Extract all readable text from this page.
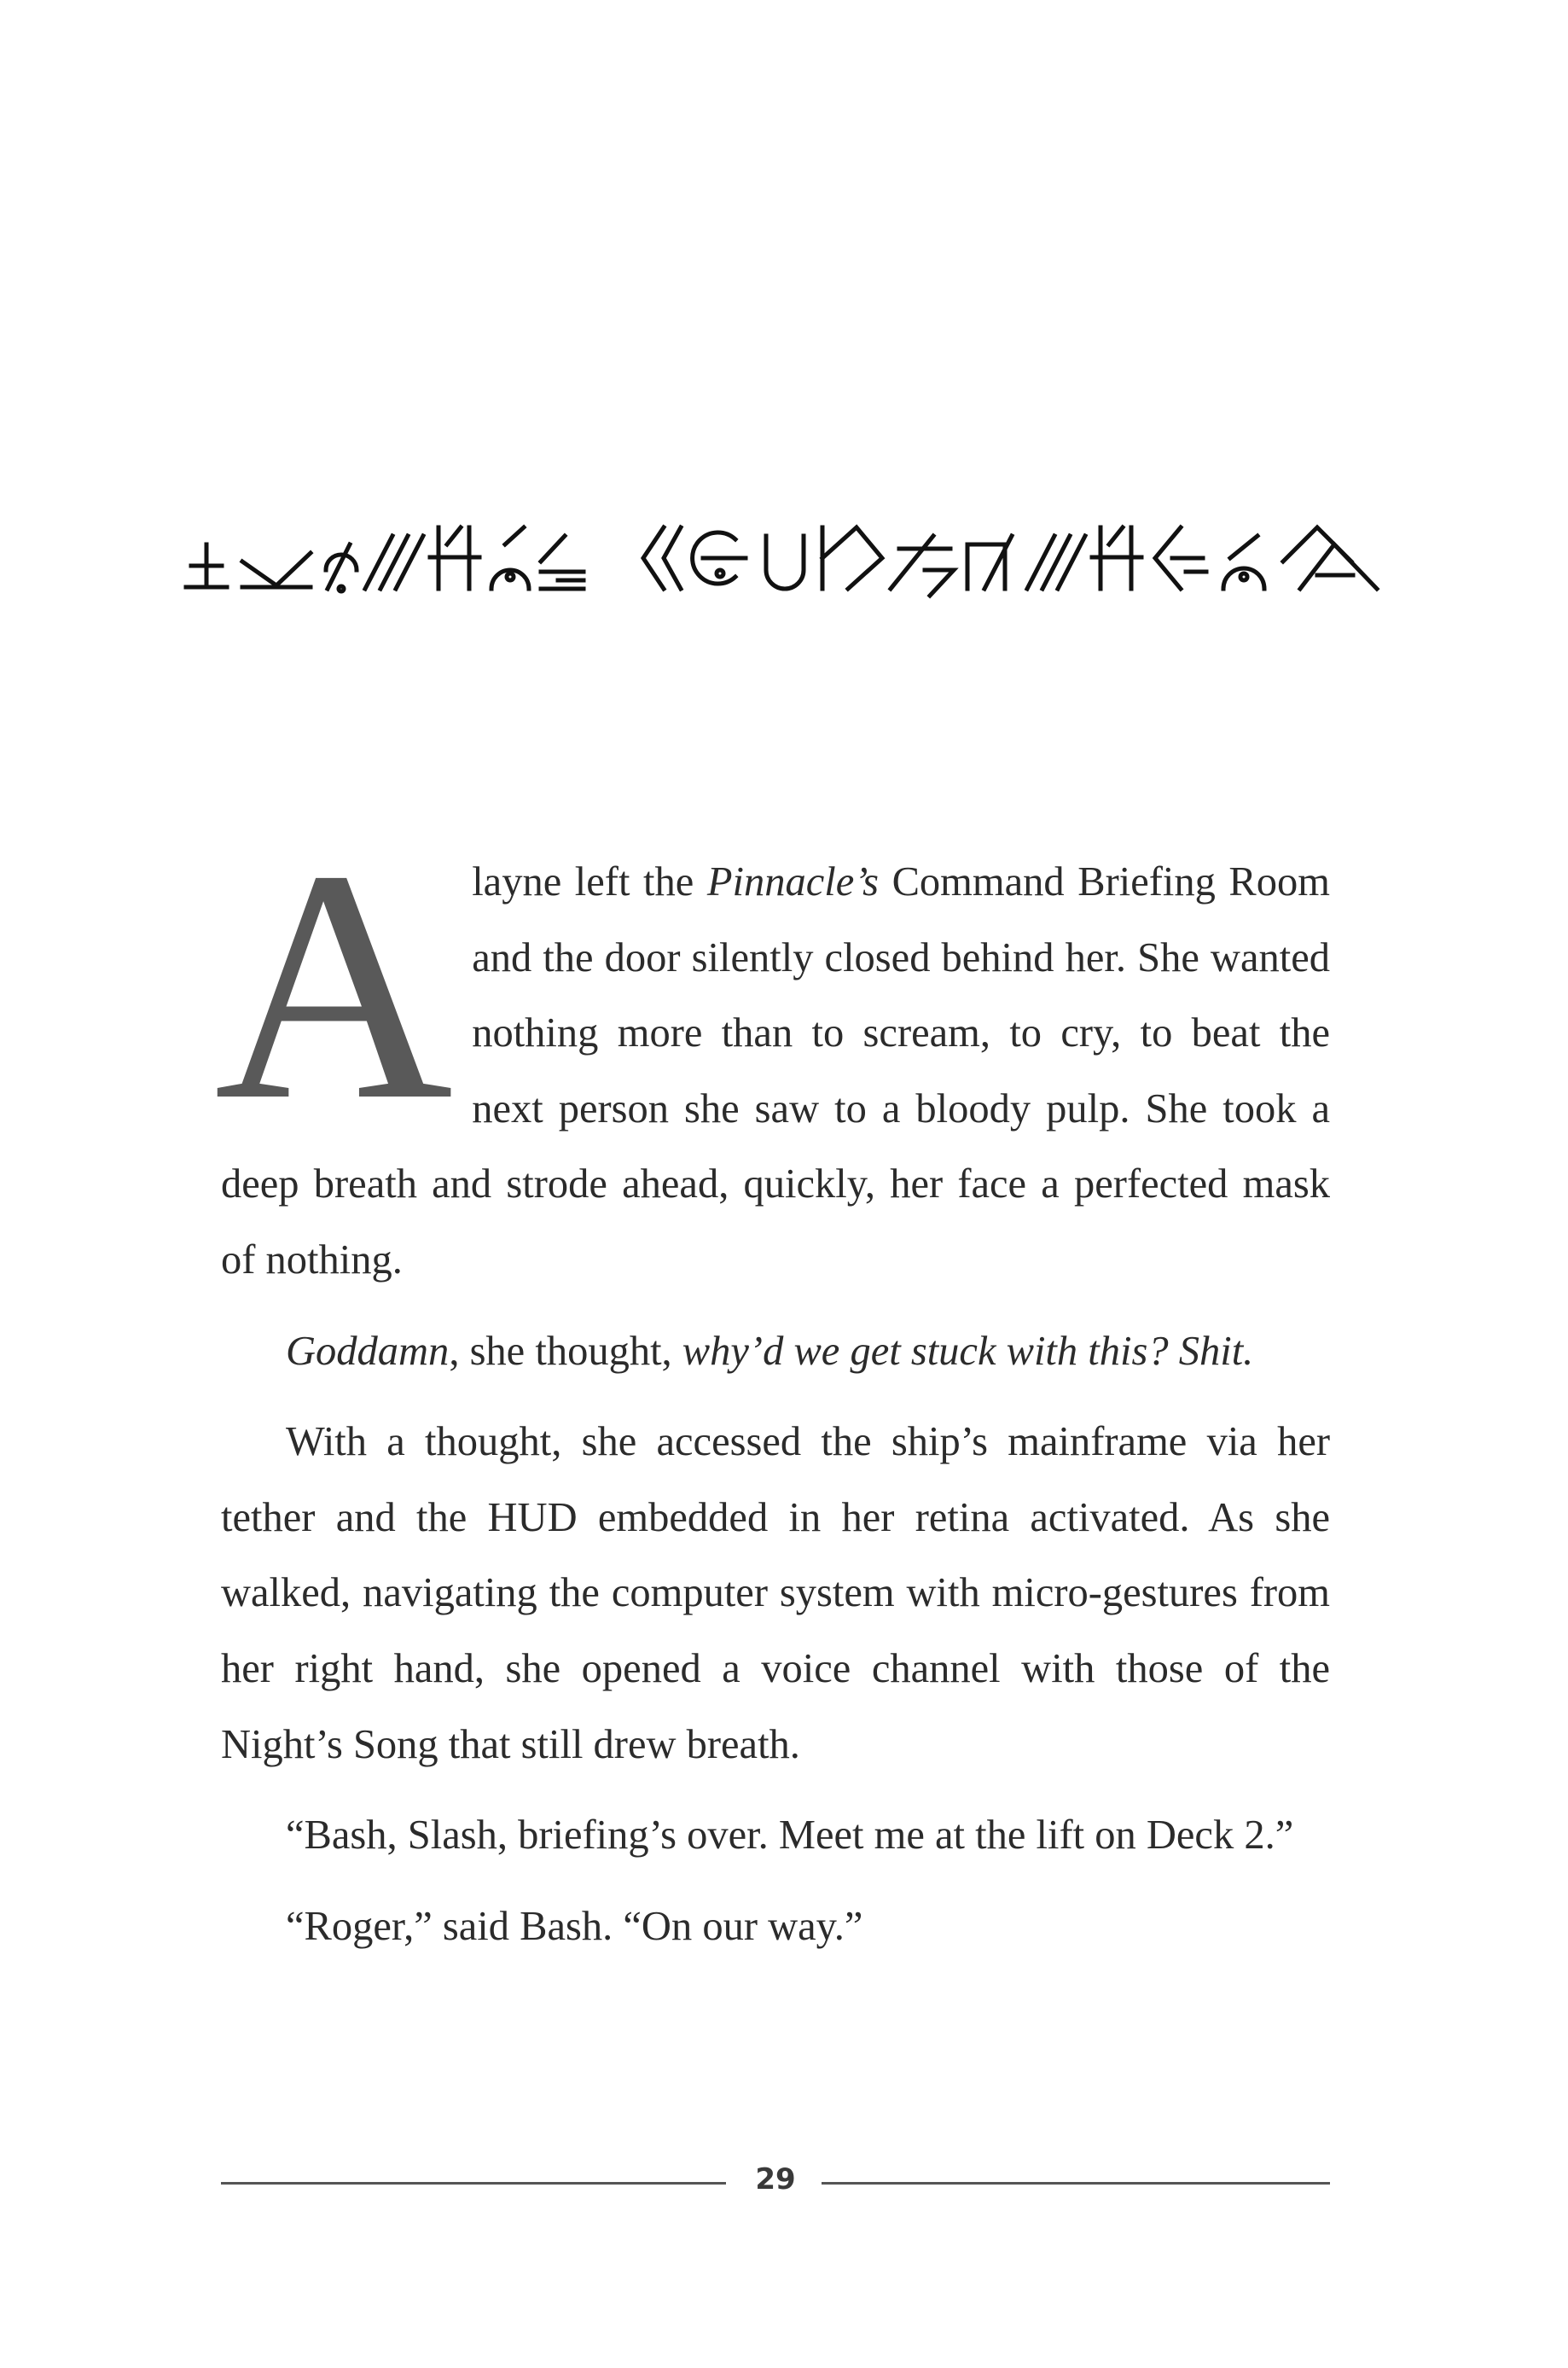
Alayne left the Pinnacle’s Command Briefing Room and the door silently closed behind her. She wanted nothing more than to scream, to cry, to beat the next person she saw to a bloody pulp. She took a deep breath and strode ahead, quickly, her face a perfected mask of nothing.

Goddamn, she thought, why’d we get stuck with this? Shit.

With a thought, she accessed the ship’s mainframe via her tether and the HUD embedded in her retina activated. As she walked, navigating the computer system with micro-gestures from her right hand, she opened a voice channel with those of the Night’s Song that still drew breath.

“Bash, Slash, briefing’s over. Meet me at the lift on Deck 2.”

“Roger,” said Bash. “On our way.”

29
